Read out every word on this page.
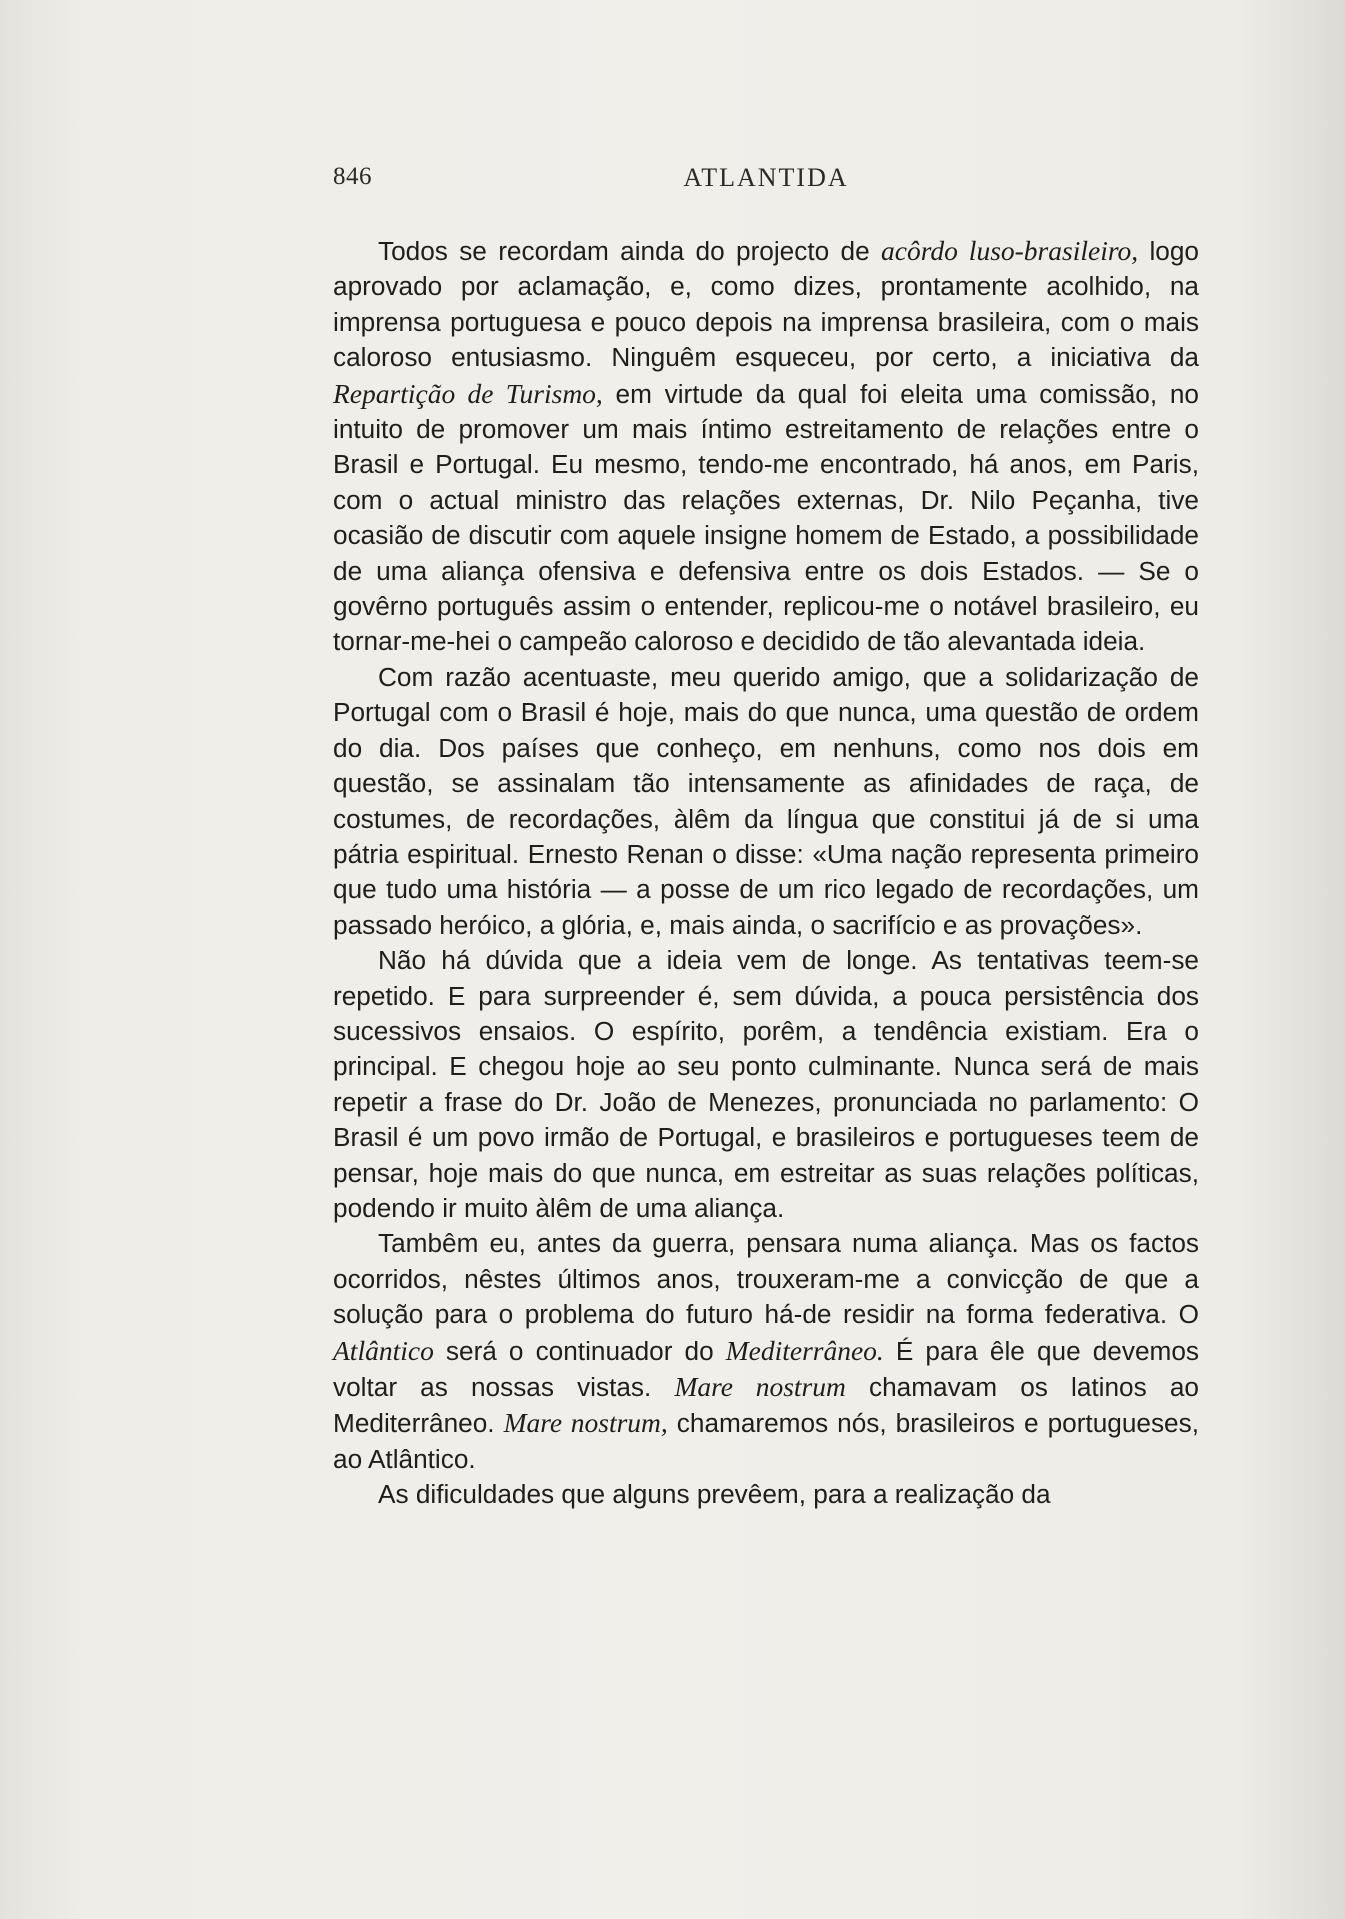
846	ATLANTIDA

Todos se recordam ainda do projecto de acôrdo luso-brasileiro, logo aprovado por aclamação, e, como dizes, prontamente acolhido, na imprensa portuguesa e pouco depois na imprensa brasileira, com o mais caloroso entusiasmo. Ninguêm esqueceu, por certo, a iniciativa da Repartição de Turismo, em virtude da qual foi eleita uma comissão, no intuito de promover um mais íntimo estreitamento de relações entre o Brasil e Portugal. Eu mesmo, tendo-me encontrado, há anos, em Paris, com o actual ministro das relações externas, Dr. Nilo Peçanha, tive ocasião de discutir com aquele insigne homem de Estado, a possibilidade de uma aliança ofensiva e defensiva entre os dois Estados. — Se o govêrno português assim o entender, replicou-me o notável brasileiro, eu tornar-me-hei o campeão caloroso e decidido de tão alevantada ideia.

Com razão acentuaste, meu querido amigo, que a solidarização de Portugal com o Brasil é hoje, mais do que nunca, uma questão de ordem do dia. Dos países que conheço, em nenhuns, como nos dois em questão, se assinalam tão intensamente as afinidades de raça, de costumes, de recordações, àlêm da língua que constitui já de si uma pátria espiritual. Ernesto Renan o disse: «Uma nação representa primeiro que tudo uma história — a posse de um rico legado de recordações, um passado heróico, a glória, e, mais ainda, o sacrifício e as provações».

Não há dúvida que a ideia vem de longe. As tentativas teem-se repetido. E para surpreender é, sem dúvida, a pouca persistência dos sucessivos ensaios. O espírito, porêm, a tendência existiam. Era o principal. E chegou hoje ao seu ponto culminante. Nunca será de mais repetir a frase do Dr. João de Menezes, pronunciada no parlamento: O Brasil é um povo irmão de Portugal, e brasileiros e portugueses teem de pensar, hoje mais do que nunca, em estreitar as suas relações políticas, podendo ir muito àlêm de uma aliança.

Tambêm eu, antes da guerra, pensara numa aliança. Mas os factos ocorridos, nêstes últimos anos, trouxeram-me a convicção de que a solução para o problema do futuro há-de residir na forma federativa. O Atlântico será o continuador do Mediterrâneo. É para êle que devemos voltar as nossas vistas. Mare nostrum chamavam os latinos ao Mediterrâneo. Mare nostrum, chamaremos nós, brasileiros e portugueses, ao Atlântico.

As dificuldades que alguns prevêem, para a realização da
